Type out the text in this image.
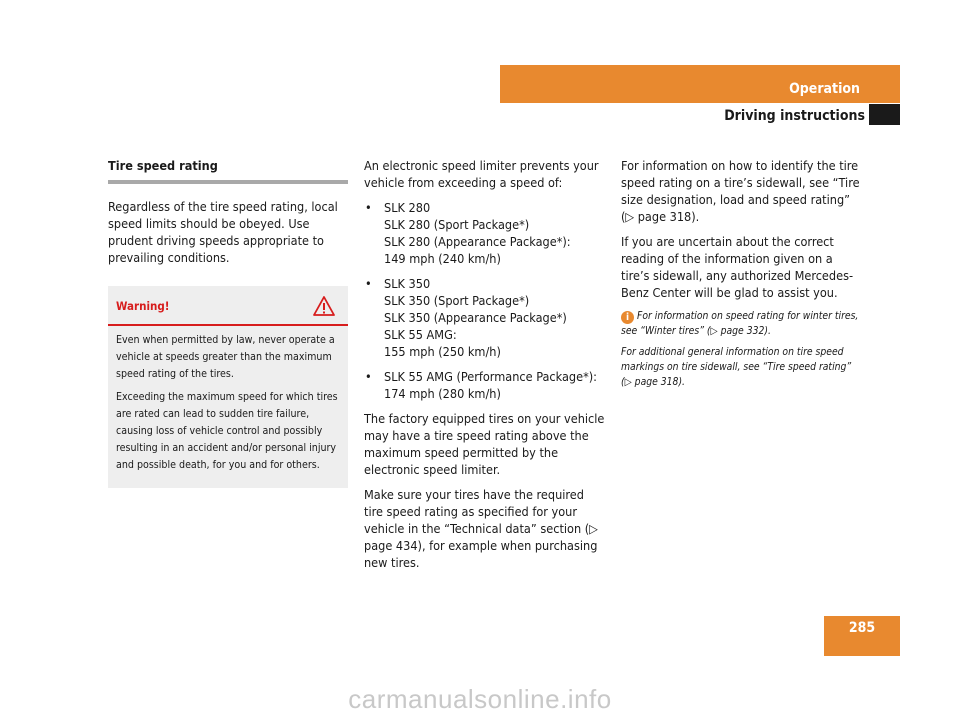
Operation
Driving instructions
Tire speed rating

Regardless of the tire speed rating, local speed limits should be obeyed. Use prudent driving speeds appropriate to prevailing conditions.

Warning!

Even when permitted by law, never operate a vehicle at speeds greater than the maximum speed rating of the tires.

Exceeding the maximum speed for which tires are rated can lead to sudden tire failure, causing loss of vehicle control and possibly resulting in an accident and/or personal injury and possible death, for you and for others.

An electronic speed limiter prevents your vehicle from exceeding a speed of:

• SLK 280
SLK 280 (Sport Package*)
SLK 280 (Appearance Package*):
149 mph (240 km/h)
• SLK 350
SLK 350 (Sport Package*)
SLK 350 (Appearance Package*)
SLK 55 AMG:
155 mph (250 km/h)
• SLK 55 AMG (Performance Package*):
174 mph (280 km/h)

The factory equipped tires on your vehicle may have a tire speed rating above the maximum speed permitted by the electronic speed limiter.

Make sure your tires have the required tire speed rating as specified for your vehicle in the “Technical data” section (▷ page 434), for example when purchasing new tires.

For information on how to identify the tire speed rating on a tire’s sidewall, see “Tire size designation, load and speed rating” (▷ page 318).

If you are uncertain about the correct reading of the information given on a tire’s sidewall, any authorized Mercedes-Benz Center will be glad to assist you.

i For information on speed rating for winter tires, see “Winter tires” (▷ page 332).

For additional general information on tire speed markings on tire sidewall, see “Tire speed rating” (▷ page 318).

285
carmanualsonline.info
